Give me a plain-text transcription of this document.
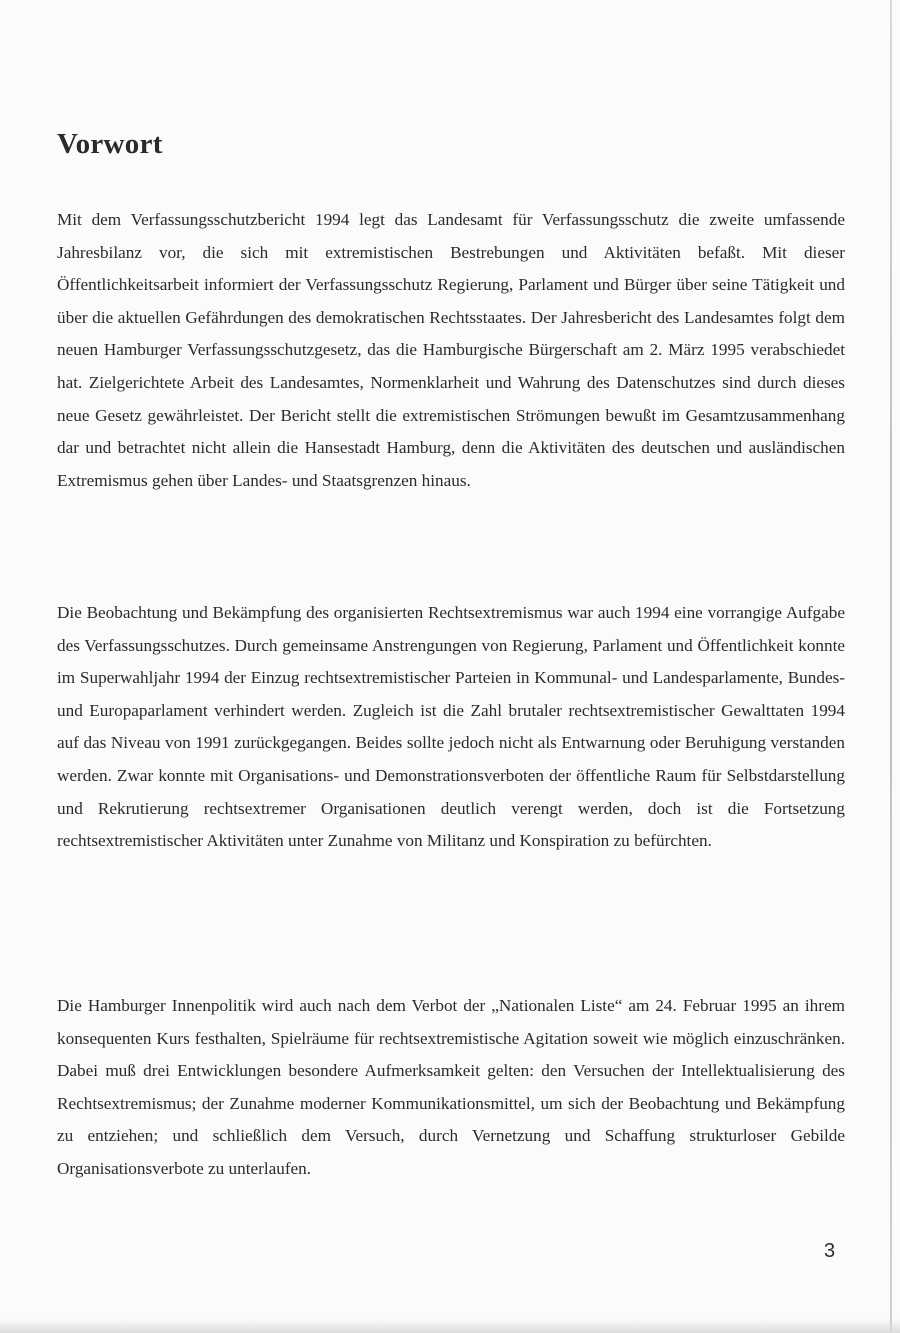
Vorwort

Mit dem Verfassungsschutzbericht 1994 legt das Landesamt für Verfassungsschutz die zweite umfassende Jahresbilanz vor, die sich mit extremistischen Bestrebungen und Aktivitäten befaßt. Mit dieser Öffentlichkeitsarbeit informiert der Verfassungsschutz Regierung, Parlament und Bürger über seine Tätigkeit und über die aktuellen Gefährdungen des demokratischen Rechtsstaates. Der Jahresbericht des Landesamtes folgt dem neuen Hamburger Verfassungsschutzgesetz, das die Hamburgische Bürgerschaft am 2. März 1995 verabschiedet hat. Zielgerichtete Arbeit des Landesamtes, Normenklarheit und Wahrung des Datenschutzes sind durch dieses neue Gesetz gewährleistet. Der Bericht stellt die extremistischen Strömungen bewußt im Gesamtzusammenhang dar und betrachtet nicht allein die Hansestadt Hamburg, denn die Aktivitäten des deutschen und ausländischen Extremismus gehen über Landes- und Staatsgrenzen hinaus.

Die Beobachtung und Bekämpfung des organisierten Rechtsextremismus war auch 1994 eine vorrangige Aufgabe des Verfassungsschutzes. Durch gemeinsame Anstrengungen von Regierung, Parlament und Öffentlichkeit konnte im Superwahljahr 1994 der Einzug rechtsextremistischer Parteien in Kommunal- und Landesparlamente, Bundes- und Europaparlament verhindert werden. Zugleich ist die Zahl brutaler rechtsextremistischer Gewalttaten 1994 auf das Niveau von 1991 zurückgegangen. Beides sollte jedoch nicht als Entwarnung oder Beruhigung verstanden werden. Zwar konnte mit Organisations- und Demonstrationsverboten der öffentliche Raum für Selbstdarstellung und Rekrutierung rechtsextremer Organisationen deutlich verengt werden, doch ist die Fortsetzung rechtsextremistischer Aktivitäten unter Zunahme von Militanz und Konspiration zu befürchten.

Die Hamburger Innenpolitik wird auch nach dem Verbot der „Nationalen Liste“ am 24. Februar 1995 an ihrem konsequenten Kurs festhalten, Spielräume für rechtsextremistische Agitation soweit wie möglich einzuschränken. Dabei muß drei Entwicklungen besondere Aufmerksamkeit gelten: den Versuchen der Intellektualisierung des Rechtsextremismus; der Zunahme moderner Kommunikationsmittel, um sich der Beobachtung und Bekämpfung zu entziehen; und schließlich dem Versuch, durch Vernetzung und Schaffung strukturloser Gebilde Organisationsverbote zu unterlaufen.

3
